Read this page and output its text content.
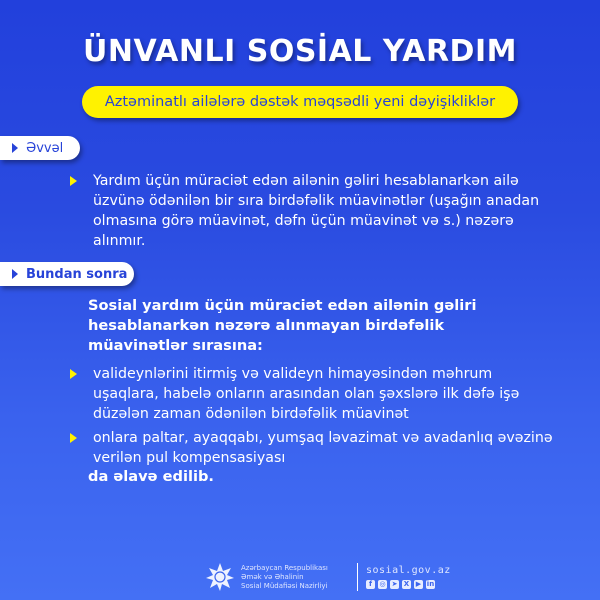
ÜNVANLI SOSİAL YARDIM
Aztəminatlı ailələrə dəstək məqsədli yeni dəyişikliklər
Əvvəl
Yardım üçün müraciət edən ailənin gəliri hesablanarkən ailə üzvünə ödənilən bir sıra birdəfəlik müavinətlər (uşağın anadan olmasına görə müavinət, dəfn üçün müavinət və s.) nəzərə alınmır.
Bundan sonra
Sosial yardım üçün müraciət edən ailənin gəliri hesablanarkən nəzərə alınmayan birdəfəlik müavinətlər sırasına:
valideynlərini itirmiş və valideyn himayəsindən məhrum uşaqlara, habelə onların arasından olan şəxslərə ilk dəfə işə düzələn zaman ödənilən birdəfəlik müavinət
onlara paltar, ayaqqabı, yumşaq ləvazimat və avadanlıq əvəzinə verilən pul kompensasiyası
da əlavə edilib.
Azərbaycan Respublikası
Əmək və Əhalinin
Sosial Müdafiəsi Nazirliyi
sosial.gov.az
f	◎ ➤ X ▶ in
